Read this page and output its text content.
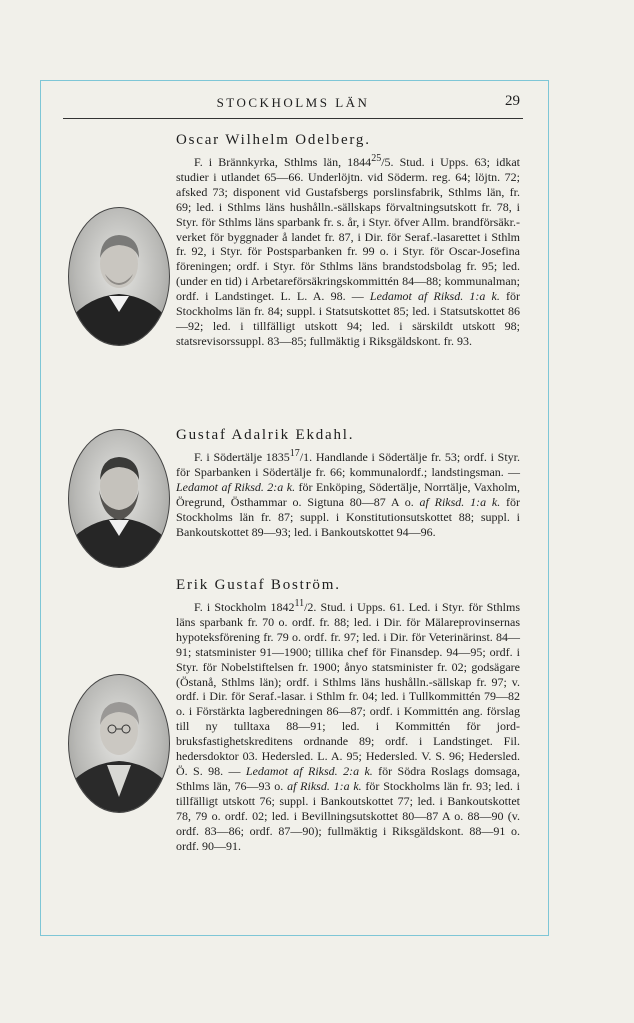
STOCKHOLMS LÄN	29
Oscar Wilhelm Odelberg.
F. i Brännkyrka, Sthlms län, 1844$^{25}$/5. Stud. i Upps. 63; idkat studier i utlandet 65—66. Underlöjtn. vid Söderm. reg. 64; löjtn. 72; afsked 73; disponent vid Gustafsbergs porslinsfabrik, Sthlms län, fr. 69; led. i Sthlms läns hushålln.-sällskaps förvaltningsutskott fr. 78, i Styr. för Sthlms läns sparbank fr. s. år, i Styr. öfver Allm. brandförsäkr.-verket för byggnader å landet fr. 87, i Dir. för Seraf.-lasarettet i Sthlm fr. 92, i Styr. för Postsparbanken fr. 99 o. i Styr. för Oscar-Josefina föreningen; ordf. i Styr. för Sthlms läns brandstodsbolag fr. 95; led. (under en tid) i Arbetareförsäkringskommittén 84—88; kommunalman; ordf. i Landstinget. L. L. A. 98. — Ledamot af Riksd. 1:a k. för Stockholms län fr. 84; suppl. i Statsutskottet 85; led. i Statsutskottet 86—92; led. i tillfälligt utskott 94; led. i särskildt utskott 98; statsrevisorssuppl. 83—85; fullmäktig i Riksgäldskont. fr. 93.
Gustaf Adalrik Ekdahl.
F. i Södertälje 1835$^{17}$/1. Handlande i Södertälje fr. 53; ordf. i Styr. för Sparbanken i Södertälje fr. 66; kommunalordf.; landstingsman. — Ledamot af Riksd. 2:a k. för Enköping, Södertälje, Norrtälje, Vaxholm, Öregrund, Östhammar o. Sigtuna 80—87 A o. af Riksd. 1:a k. för Stockholms län fr. 87; suppl. i Konstitutionsutskottet 88; suppl. i Bankoutskottet 89—93; led. i Bankoutskottet 94—96.
Erik Gustaf Boström.
F. i Stockholm 1842$^{11}$/2. Stud. i Upps. 61. Led. i Styr. för Sthlms läns sparbank fr. 70 o. ordf. fr. 88; led. i Dir. för Mälareprovinsernas hypoteksförening fr. 79 o. ordf. fr. 97; led. i Dir. för Veterinärinst. 84—91; statsminister 91—1900; tillika chef för Finansdep. 94—95; ordf. i Styr. för Nobelstiftelsen fr. 1900; ånyo statsminister fr. 02; godsägare (Östanå, Sthlms län); ordf. i Sthlms läns hushålln.-sällskap fr. 97; v. ordf. i Dir. för Seraf.-lasar. i Sthlm fr. 04; led. i Tullkommittén 79—82 o. i Förstärkta lagberedningen 86—87; ordf. i Kommittén ang. förslag till ny tulltaxa 88—91; led. i Kommittén för jordbruksfastighetskreditens ordnande 89; ordf. i Landstinget. Fil. hedersdoktor 03. Hedersled. L. A. 95; Hedersled. V. S. 96; Hedersled. Ö. S. 98. — Ledamot af Riksd. 2:a k. för Södra Roslags domsaga, Sthlms län, 76—93 o. af Riksd. 1:a k. för Stockholms län fr. 93; led. i tillfälligt utskott 76; suppl. i Bankoutskottet 77; led. i Bankoutskottet 78, 79 o. ordf. 02; led. i Bevillningsutskottet 80—87 A o. 88—90 (v. ordf. 83—86; ordf. 87—90); fullmäktig i Riksgäldskont. 88—91 o. ordf. 90—91.
